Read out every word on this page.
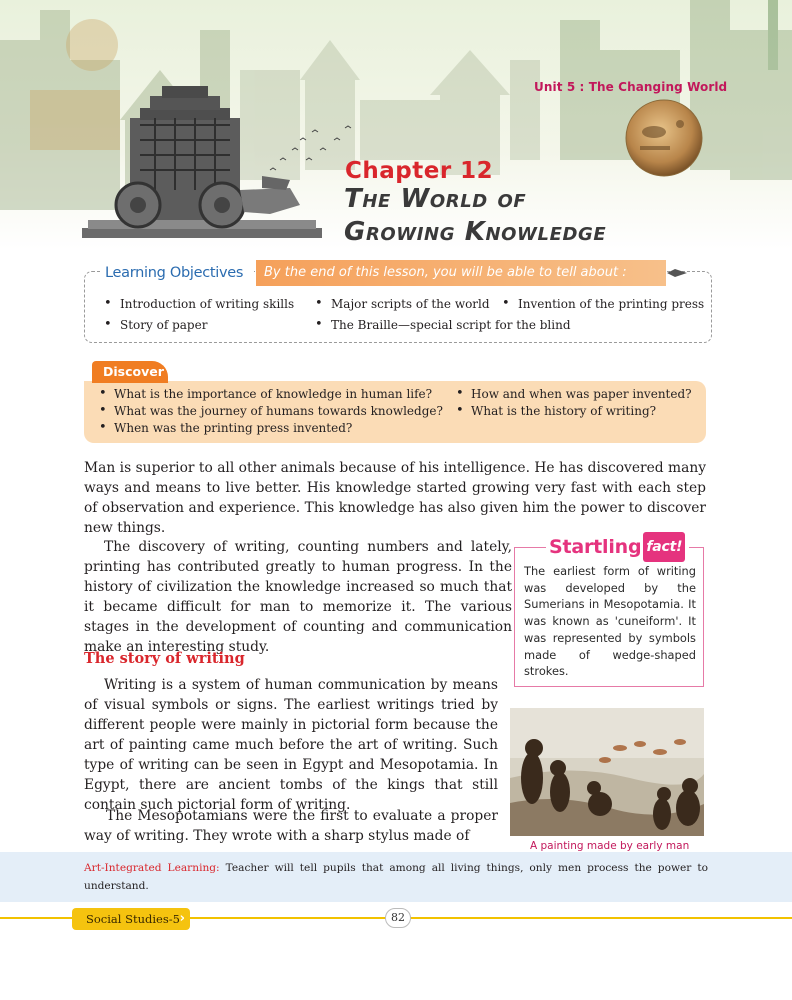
Unit 5 : The Changing World
Chapter 12
The World of
Growing Knowledge
Learning Objectives	By the end of this lesson, you will be able to tell about :
• Introduction of writing skills	• Major scripts of the world • Invention of the printing press
• Story of paper	• The Braille—special script for the blind
Discover
• What is the importance of knowledge in human life?	• How and when was paper invented?
• What was the journey of humans towards knowledge? • What is the history of writing?
• When was the printing press invented?

Man is superior to all other animals because of his intelligence. He has discovered many ways and means to live better. His knowledge started growing very fast with each step of observation and experience. This knowledge has also given him the power to discover new things.

The discovery of writing, counting numbers and lately, printing has contributed greatly to human progress. In the history of civilization the knowledge increased so much that it became difficult for man to memorize it. The various stages in the development of counting and communication make an interesting study.

The story of writing

Writing is a system of human communication by means of visual symbols or signs. The earliest writings tried by different people were mainly in pictorial form because the art of painting came much before the art of writing. Such type of writing can be seen in Egypt and Mesopotamia. In Egypt, there are ancient tombs of the kings that still contain such pictorial form of writing.

The Mesopotamians were the first to evaluate a proper way of writing. They wrote with a sharp stylus made of

Startling fact!
The earliest form of writing was developed by the Sumerians in Mesopotamia. It was known as 'cuneiform'. It was represented by symbols made of wedge-shaped strokes.
A painting made by early man
Art-Integrated Learning: Teacher will tell pupils that among all living things, only men process the power to understand.
Social Studies-5 ›	82
